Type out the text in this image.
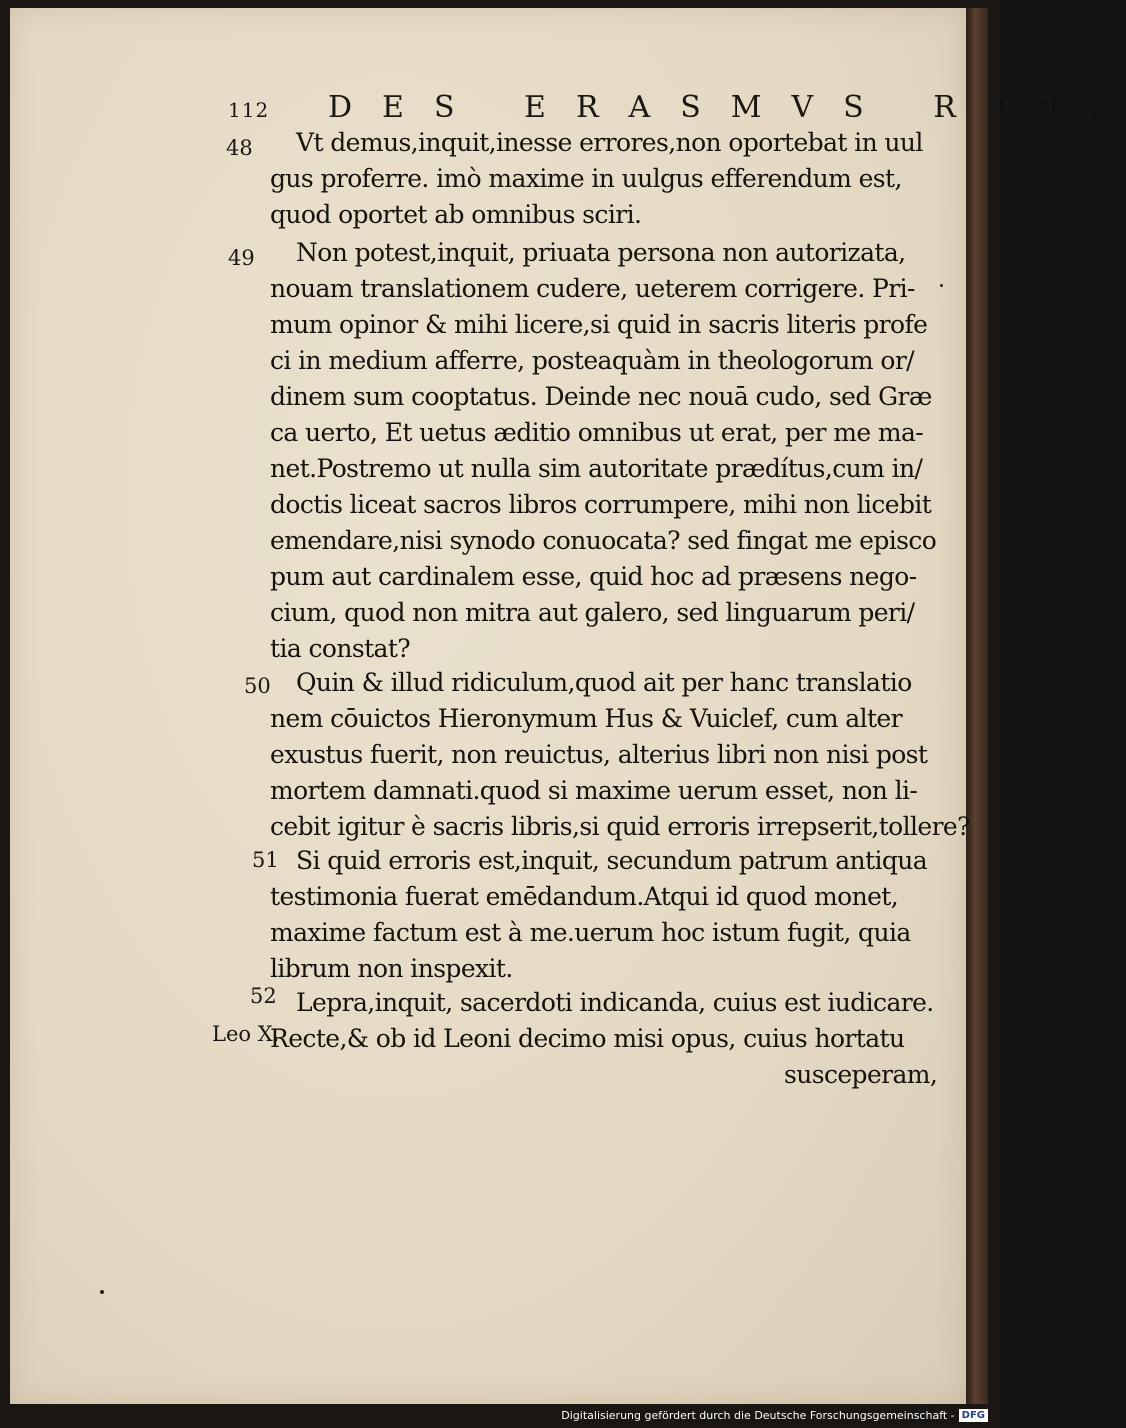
112 DES ERASMVS ROT.
48
49
50
51
52
Leo X.
Vt demus,inquit,inesse errores,non oportebat in uul
gus proferre. imò maxime in uulgus efferendum est,
quod oportet ab omnibus sciri.
Non potest,inquit, priuata persona non autorizata,
nouam translationem cudere, ueterem corrigere. Pri-
mum opinor & mihi licere,si quid in sacris literis profe
ci in medium afferre, posteaquàm in theologorum or/
dinem sum cooptatus. Deinde nec nouā cudo, sed Græ
ca uerto, Et uetus æditio omnibus ut erat, per me ma-
net.Postremo ut nulla sim autoritate prædítus,cum in/
doctis liceat sacros libros corrumpere, mihi non licebit
emendare,nisi synodo conuocata? sed fingat me episco
pum aut cardinalem esse, quid hoc ad præsens nego-
cium, quod non mitra aut galero, sed linguarum peri/
tia constat?
Quin & illud ridiculum,quod ait per hanc translatio
nem cōuictos Hieronymum Hus & Vuiclef, cum alter
exustus fuerit, non reuictus, alterius libri non nisi post
mortem damnati.quod si maxime uerum esset, non li-
cebit igitur è sacris libris,si quid erroris irrepserit,tollere?
Si quid erroris est,inquit, secundum patrum antiqua
testimonia fuerat emēdandum.Atqui id quod monet,
maxime factum est à me.uerum hoc istum fugit, quia
librum non inspexit.
Lepra,inquit, sacerdoti indicanda, cuius est iudicare.
Recte,& ob id Leoni decimo misi opus, cuius hortatu
susceperam,
Digitalisierung gefördert durch die Deutsche Forschungsgemeinschaft - DFG
